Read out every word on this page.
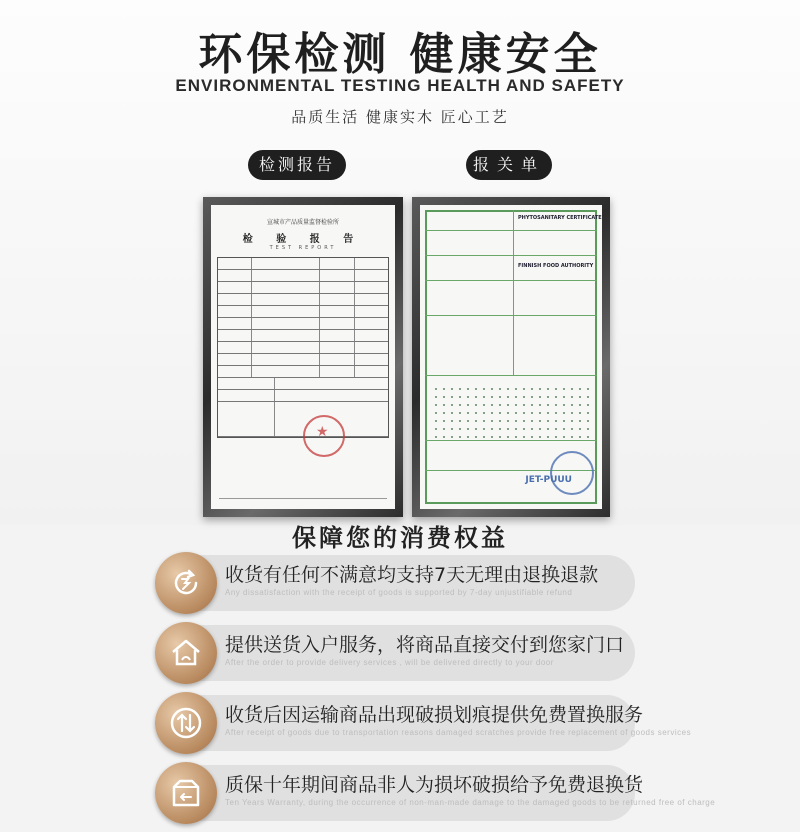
环保检测 健康安全
ENVIRONMENTAL TESTING HEALTH AND SAFETY
品质生活 健康实木 匠心工艺
检测报告	报关单
宣城市产品质量监督检验所
检 验 报 告
TEST REPORT
★
PHYTOSANITARY CERTIFICATE
FINNISH FOOD AUTHORITY
JET-PUUU
保障您的消费权益
收货有任何不满意均支持7天无理由退换退款
Any dissatisfaction with the receipt of goods is supported by 7-day unjustifiable refund
提供送货入户服务，将商品直接交付到您家门口
After the order to provide delivery services , will be delivered directly to your door
收货后因运输商品出现破损划痕提供免费置换服务
After receipt of goods due to transportation reasons damaged scratches provide free replacement of goods services
质保十年期间商品非人为损坏破损给予免费退换货
Ten Years Warranty, during the occurrence of non-man-made damage to the damaged goods to be returned free of charge
